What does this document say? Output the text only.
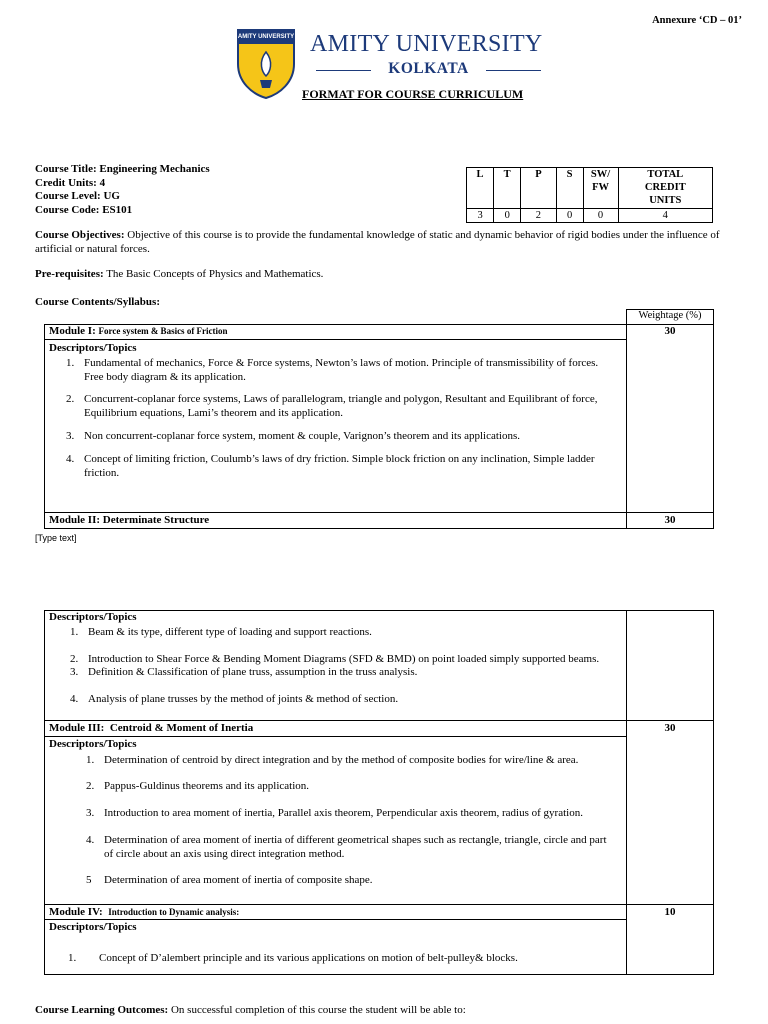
Annexure ‘CD – 01’
AMITY UNIVERSITY AMITY UNIVERSITY
KOLKATA
FORMAT FOR COURSE CURRICULUM
Course Title: Engineering Mechanics
Credit Units: 4
Course Level: UG
Course Code: ES101
L	T	P	S	SW/ FW	TOTAL CREDIT UNITS
3	0	2	0	0	4
Course Objectives: Objective of this course is to provide the fundamental knowledge of static and dynamic behavior of rigid bodies under the influence of artificial or natural forces.
Pre-requisites: The Basic Concepts of Physics and Mathematics.
Course Contents/Syllabus:
Weightage (%)
Module I: Force system & Basics of Friction	30
Descriptors/Topics
1. Fundamental of mechanics, Force & Force systems, Newton’s laws of motion. Principle of transmissibility of forces. Free body diagram & its application.
2. Concurrent-coplanar force systems, Laws of parallelogram, triangle and polygon, Resultant and Equilibrant of force, Equilibrium equations, Lami’s theorem and its application.
3. Non concurrent-coplanar force system, moment & couple, Varignon’s theorem and its applications.
4. Concept of limiting friction, Coulumb’s laws of dry friction. Simple block friction on any inclination, Simple ladder friction.
Module II: Determinate Structure	30
[Type text]
Descriptors/Topics
1. Beam & its type, different type of loading and support reactions.
2. Introduction to Shear Force & Bending Moment Diagrams (SFD & BMD) on point loaded simply supported beams.
3. Definition & Classification of plane truss, assumption in the truss analysis.
4. Analysis of plane trusses by the method of joints & method of section.
Module III: Centroid & Moment of Inertia	30
Descriptors/Topics
1. Determination of centroid by direct integration and by the method of composite bodies for wire/line & area.
2. Pappus-Guldinus theorems and its application.
3. Introduction to area moment of inertia, Parallel axis theorem, Perpendicular axis theorem, radius of gyration.
4. Determination of area moment of inertia of different geometrical shapes such as rectangle, triangle, circle and part of circle about an axis using direct integration method.
5 Determination of area moment of inertia of composite shape.
Module IV: Introduction to Dynamic analysis:	10
Descriptors/Topics
1. Concept of D’alembert principle and its various applications on motion of belt-pulley& blocks.
Course Learning Outcomes: On successful completion of this course the student will be able to:
